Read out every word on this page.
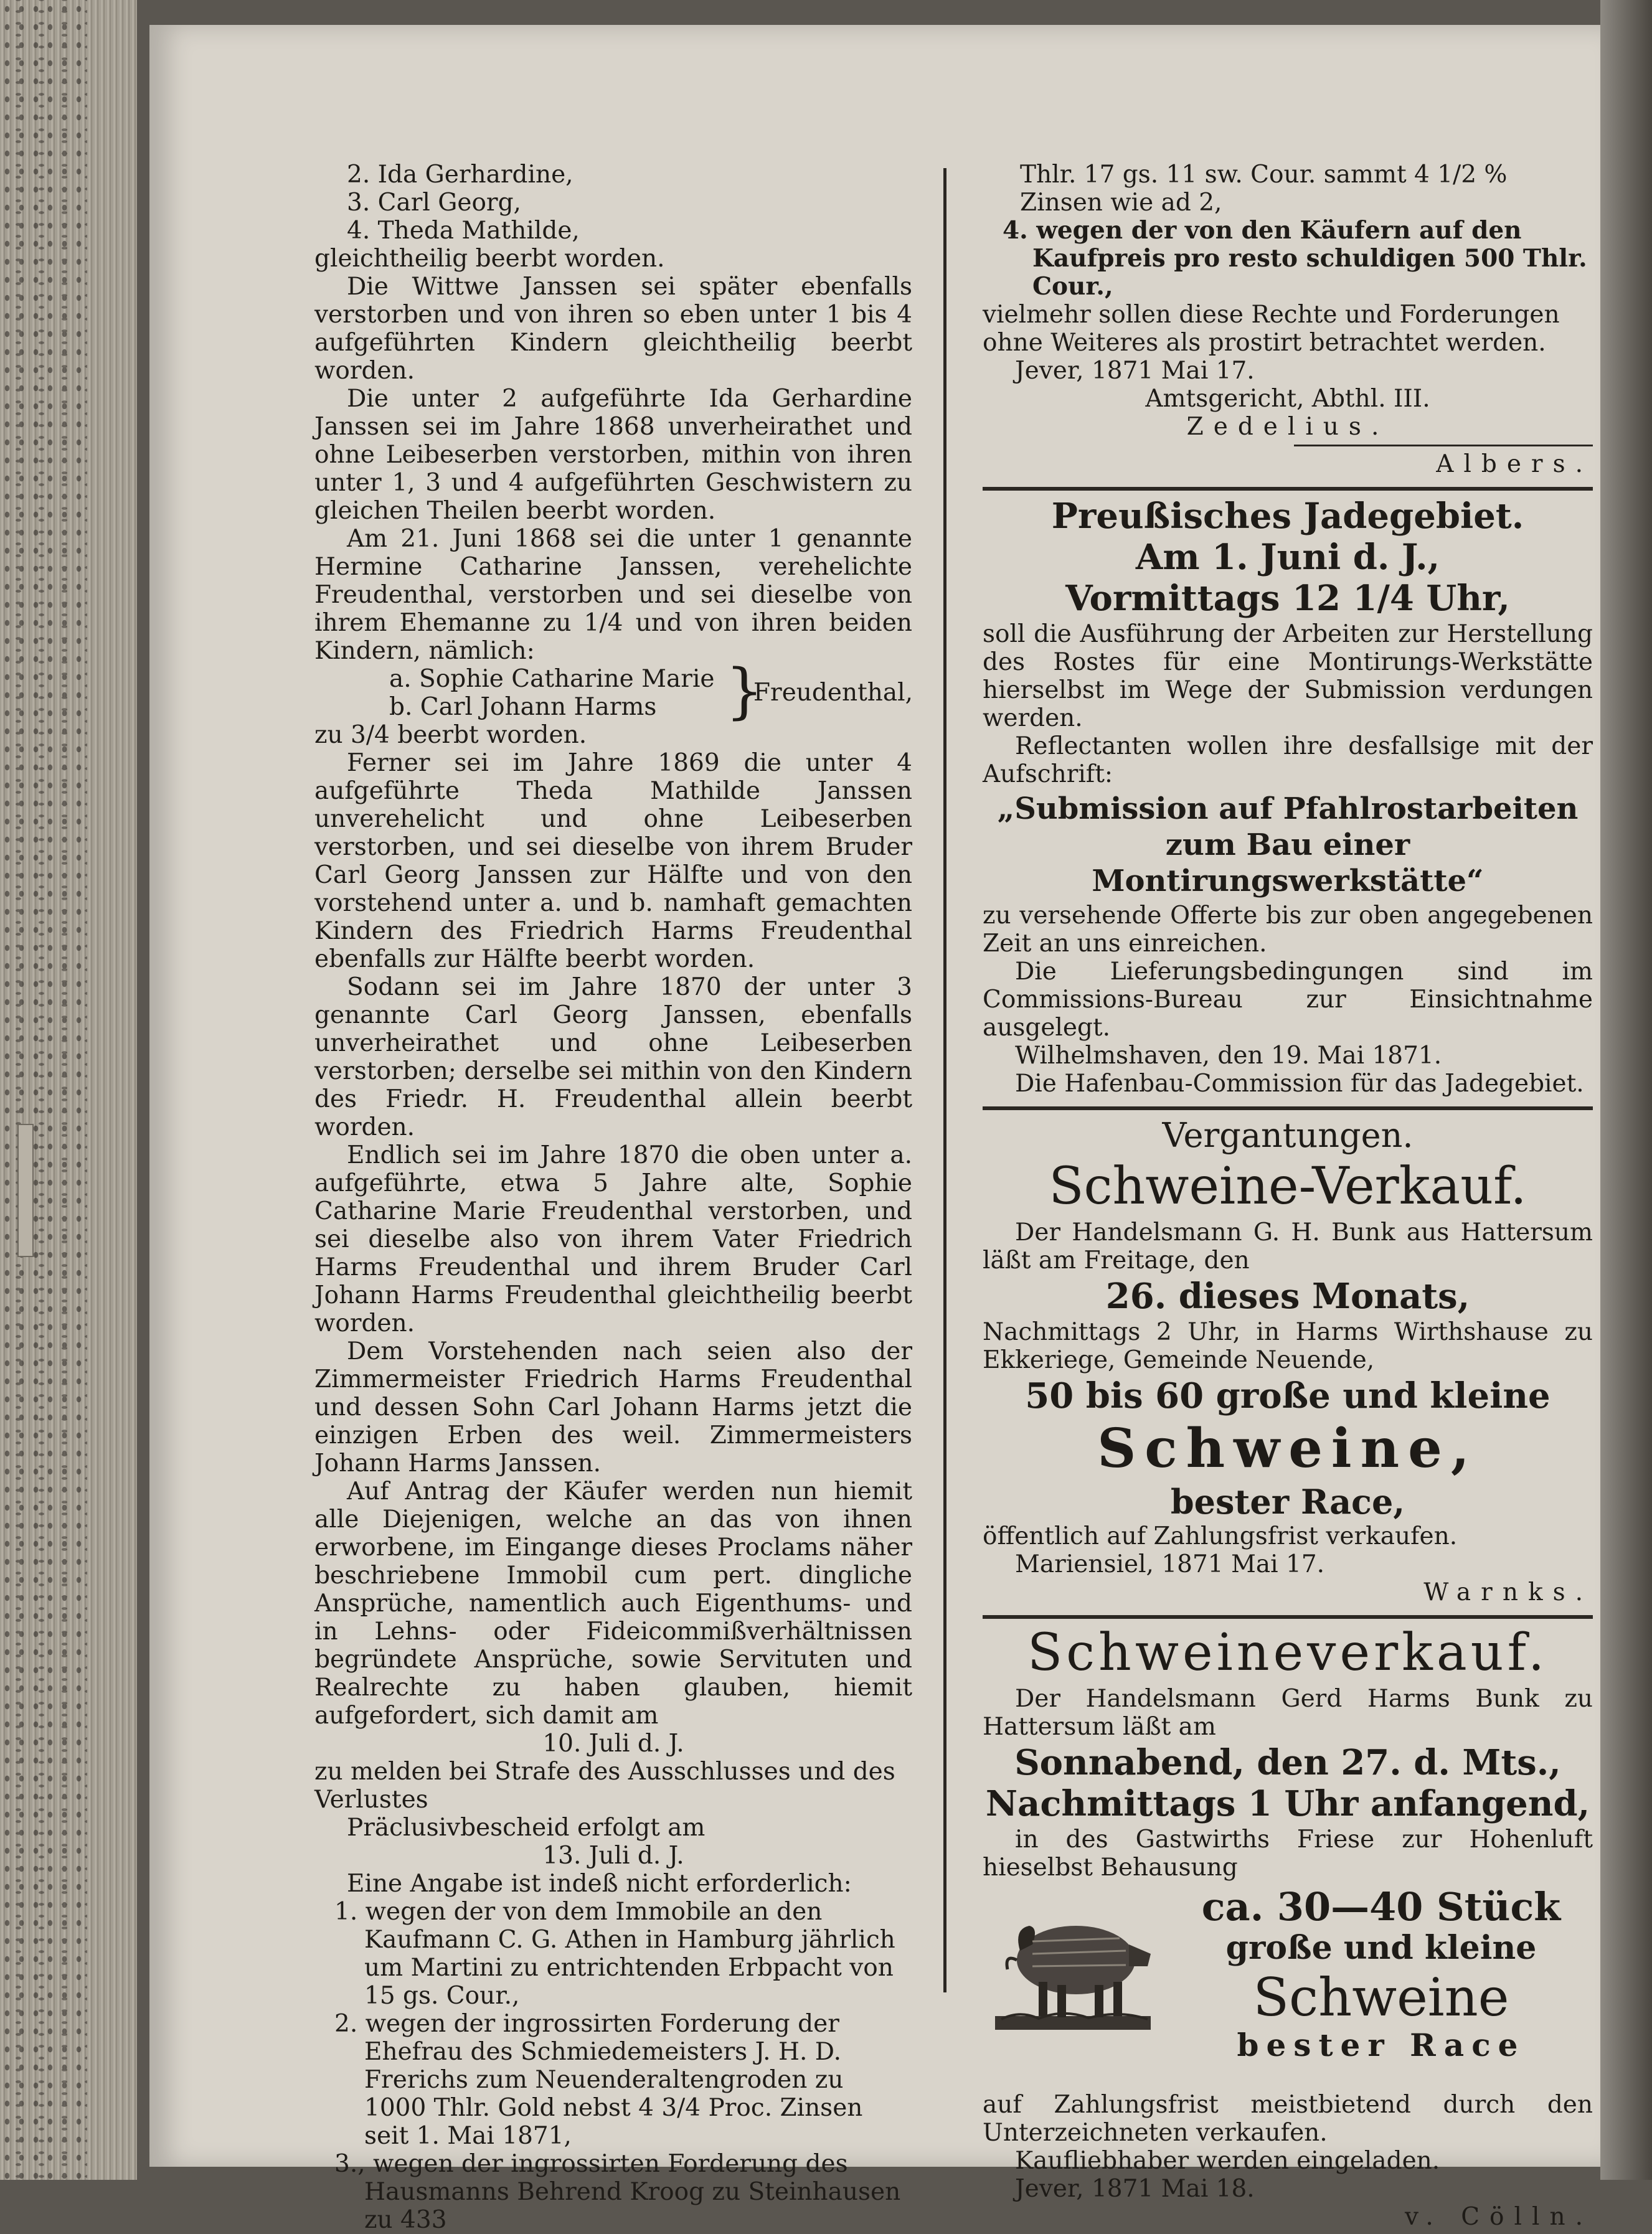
2. Ida Gerhardine,

3. Carl Georg,

4. Theda Mathilde,

gleichtheilig beerbt worden.

Die Wittwe Janssen sei später ebenfalls verstorben und von ihren so eben unter 1 bis 4 aufgeführten Kindern gleichtheilig beerbt worden.

Die unter 2 aufgeführte Ida Gerhardine Janssen sei im Jahre 1868 unverheirathet und ohne Leibeserben verstorben, mithin von ihren unter 1, 3 und 4 aufgeführten Geschwistern zu gleichen Theilen beerbt worden.

Am 21. Juni 1868 sei die unter 1 genannte Hermine Catharine Janssen, verehelichte Freudenthal, verstorben und sei dieselbe von ihrem Ehemanne zu 1/4 und von ihren beiden Kindern, nämlich:

a. Sophie Catharine Marie
b. Carl Johann Harms }
Freudenthal,

zu 3/4 beerbt worden.

Ferner sei im Jahre 1869 die unter 4 aufgeführte Theda Mathilde Janssen unverehelicht und ohne Leibeserben verstorben, und sei dieselbe von ihrem Bruder Carl Georg Janssen zur Hälfte und von den vorstehend unter a. und b. namhaft gemachten Kindern des Friedrich Harms Freudenthal ebenfalls zur Hälfte beerbt worden.

Sodann sei im Jahre 1870 der unter 3 genannte Carl Georg Janssen, ebenfalls unverheirathet und ohne Leibeserben verstorben; derselbe sei mithin von den Kindern des Friedr. H. Freudenthal allein beerbt worden.

Endlich sei im Jahre 1870 die oben unter a. aufgeführte, etwa 5 Jahre alte, Sophie Catharine Marie Freudenthal verstorben, und sei dieselbe also von ihrem Vater Friedrich Harms Freudenthal und ihrem Bruder Carl Johann Harms Freudenthal gleichtheilig beerbt worden.

Dem Vorstehenden nach seien also der Zimmermeister Friedrich Harms Freudenthal und dessen Sohn Carl Johann Harms jetzt die einzigen Erben des weil. Zimmermeisters Johann Harms Janssen.

Auf Antrag der Käufer werden nun hiemit alle Diejenigen, welche an das von ihnen erworbene, im Eingange dieses Proclams näher beschriebene Immobil cum pert. dingliche Ansprüche, namentlich auch Eigenthums- und in Lehns- oder Fideicommißverhältnissen begründete Ansprüche, sowie Servituten und Realrechte zu haben glauben, hiemit aufgefordert, sich damit am

10. Juli d. J.

zu melden bei Strafe des Ausschlusses und des Verlustes

Präclusivbescheid erfolgt am

13. Juli d. J.

Eine Angabe ist indeß nicht erforderlich:

1. wegen der von dem Immobile an den Kaufmann C. G. Athen in Hamburg jährlich um Martini zu entrichtenden Erbpacht von 15 gs. Cour.,

2. wegen der ingrossirten Forderung der Ehefrau des Schmiedemeisters J. H. D. Frerichs zum Neuenderaltengroden zu 1000 Thlr. Gold nebst 4 3/4 Proc. Zinsen seit 1. Mai 1871,

3., wegen der ingrossirten Forderung des Hausmanns Behrend Kroog zu Steinhausen zu 433

Thlr. 17 gs. 11 sw. Cour. sammt 4 1/2 % Zinsen wie ad 2,

4. wegen der von den Käufern auf den Kaufpreis pro resto schuldigen 500 Thlr. Cour.,

vielmehr sollen diese Rechte und Forderungen ohne Weiteres als prostirt betrachtet werden.

Jever, 1871 Mai 17.

Amtsgericht, Abthl. III.

Zedelius.

Albers.

Preußisches Jadegebiet.

Am 1. Juni d. J.,

Vormittags 12 1/4 Uhr,

soll die Ausführung der Arbeiten zur Herstellung des Rostes für eine Montirungs-Werkstätte hierselbst im Wege der Submission verdungen werden.

Reflectanten wollen ihre desfallsige mit der Aufschrift:

„Submission auf Pfahlrostarbeiten zum Bau einer Montirungswerkstätte“

zu versehende Offerte bis zur oben angegebenen Zeit an uns einreichen.

Die Lieferungsbedingungen sind im Commissions-Bureau zur Einsichtnahme ausgelegt.

Wilhelmshaven, den 19. Mai 1871.

Die Hafenbau-Commission für das Jadegebiet.

Vergantungen.

Schweine-Verkauf.

Der Handelsmann G. H. Bunk aus Hattersum läßt am Freitage, den

26. dieses Monats,

Nachmittags 2 Uhr, in Harms Wirthshause zu Ekkeriege, Gemeinde Neuende,

50 bis 60 große und kleine

Schweine,

bester Race,

öffentlich auf Zahlungsfrist verkaufen.

Mariensiel, 1871 Mai 17.

Warnks.

Schweineverkauf.

Der Handelsmann Gerd Harms Bunk zu Hattersum läßt am

Sonnabend, den 27. d. Mts.,

Nachmittags 1 Uhr anfangend,

in des Gastwirths Friese zur Hohenluft hieselbst Behausung

ca. 30—40 Stück
große und kleine
Schweine
bester Race

auf Zahlungsfrist meistbietend durch den Unterzeichneten verkaufen.

Kaufliebhaber werden eingeladen.

Jever, 1871 Mai 18.

v. Cölln.
